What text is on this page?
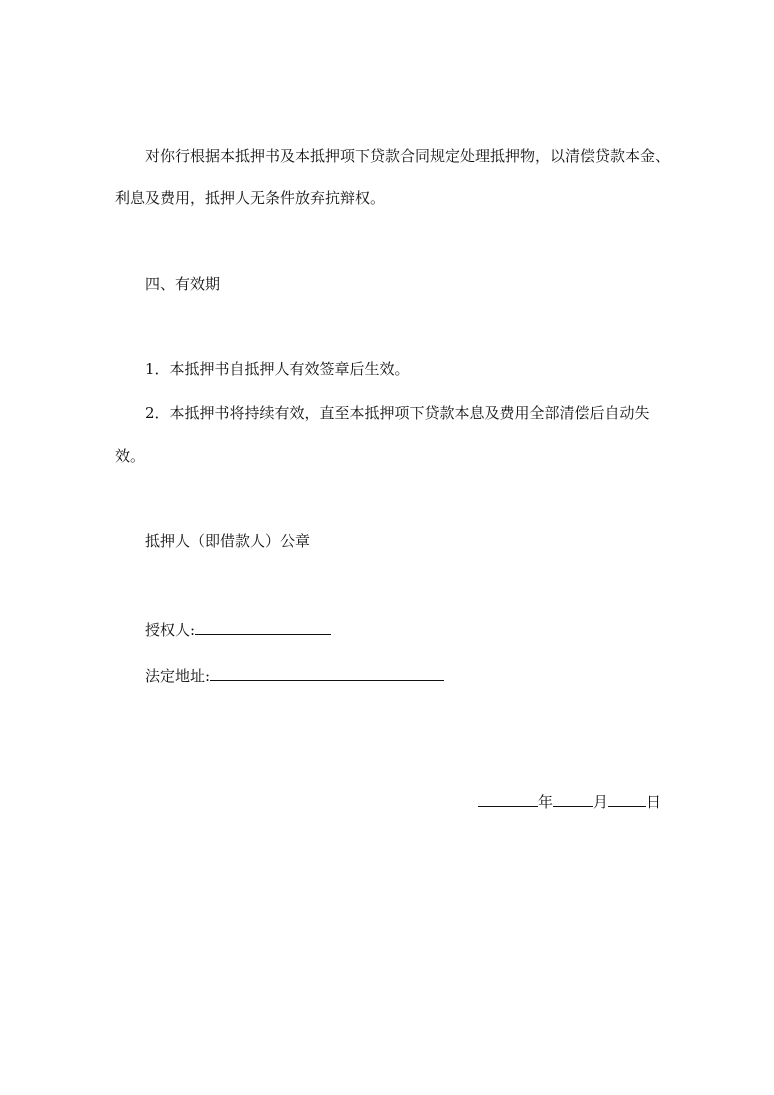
对你行根据本抵押书及本抵押项下贷款合同规定处理抵押物，以清偿贷款本金、
利息及费用，抵押人无条件放弃抗辩权。
四、有效期
1．本抵押书自抵押人有效签章后生效。
2．本抵押书将持续有效，直至本抵押项下贷款本息及费用全部清偿后自动失
效。
抵押人（即借款人）公章
授权人:
法定地址:
年	月	日
